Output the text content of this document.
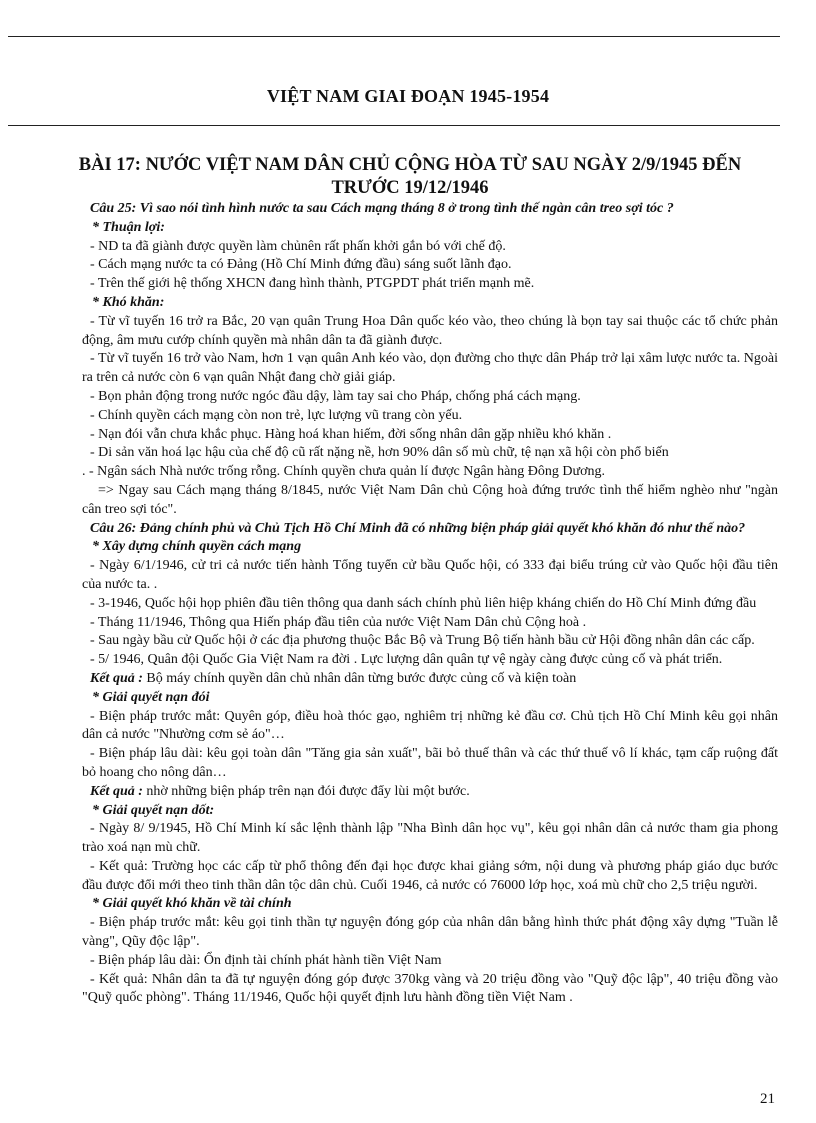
VIỆT NAM GIAI ĐOẠN 1945-1954
BÀI 17: NƯỚC VIỆT NAM DÂN CHỦ CỘNG HÒA TỪ SAU NGÀY 2/9/1945 ĐẾN TRƯỚC 19/12/1946

Câu 25: Vì sao nói tình hình nước ta sau Cách mạng tháng 8 ở trong tình thế ngàn cân treo sợi tóc ?

* Thuận lợi:

- ND ta đã giành được quyền làm chủnên rất phấn khởi gắn bó với chế độ.

- Cách mạng nước ta có Đảng (Hồ Chí Minh đứng đầu) sáng suốt lãnh đạo.

- Trên thế giới hệ thống XHCN đang hình thành, PTGPDT phát triển mạnh mẽ.

* Khó khăn:

- Từ vĩ tuyến 16 trở ra Bắc, 20 vạn quân Trung Hoa Dân quốc kéo vào, theo chúng là bọn tay sai thuộc các tổ chức phản động, âm mưu cướp chính quyền mà nhân dân ta đã giành được.

- Từ vĩ tuyến 16 trở vào Nam, hơn 1 vạn quân Anh kéo vào, dọn đường cho thực dân Pháp trở lại xâm lược nước ta. Ngoài ra trên cả nước còn 6 vạn quân Nhật đang chờ giải giáp.

- Bọn phản động trong nước ngóc đầu dậy, làm tay sai cho Pháp, chống phá cách mạng.

- Chính quyền cách mạng còn non trẻ, lực lượng vũ trang còn yếu.

- Nạn đói vẫn chưa khắc phục. Hàng hoá khan hiếm, đời sống nhân dân gặp nhiều khó khăn .

- Di sản văn hoá lạc hậu của chế độ cũ rất nặng nề, hơn 90% dân số mù chữ, tệ nạn xã hội còn phổ biến

. - Ngân sách Nhà nước trống rỗng. Chính quyền chưa quản lí được Ngân hàng Đông Dương.

=> Ngay sau Cách mạng tháng 8/1845, nước Việt Nam Dân chủ Cộng hoà đứng trước tình thế hiểm nghèo như "ngàn cân treo sợi tóc".

Câu 26: Đảng chính phủ và Chủ Tịch Hồ Chí Minh đã có những biện pháp giải quyết khó khăn đó như thế nào?

* Xây dựng chính quyền cách mạng

- Ngày 6/1/1946, cử tri cả nước tiến hành Tổng tuyển cử bầu Quốc hội, có 333 đại biểu trúng cử vào Quốc hội đầu tiên của nước ta. .

- 3-1946, Quốc hội họp phiên đầu tiên thông qua danh sách chính phủ liên hiệp kháng chiến do Hồ Chí Minh đứng đầu

- Tháng 11/1946, Thông qua Hiến pháp đầu tiên của nước Việt Nam Dân chủ Cộng hoà .

- Sau ngày bầu cử Quốc hội ở các địa phương thuộc Bắc Bộ và Trung Bộ tiến hành bầu cử Hội đồng nhân dân các cấp.

- 5/ 1946, Quân đội Quốc Gia Việt Nam ra đời . Lực lượng dân quân tự vệ ngày càng được củng cố và phát triển.

Kết quả : Bộ máy chính quyền dân chủ nhân dân từng bước được củng cố và kiện toàn

* Giải quyết nạn đói

- Biện pháp trước mắt: Quyên góp, điều hoà thóc gạo, nghiêm trị những kẻ đầu cơ. Chủ tịch Hồ Chí Minh kêu gọi nhân dân cả nước "Nhường cơm sẻ áo"…

- Biện pháp lâu dài: kêu gọi toàn dân "Tăng gia sản xuất", bãi bỏ thuế thân và các thứ thuế vô lí khác, tạm cấp ruộng đất bỏ hoang cho nông dân…

Kết quả : nhờ những biện pháp trên nạn đói được đẩy lùi một bước.

* Giải quyết nạn dốt:

- Ngày 8/ 9/1945, Hồ Chí Minh kí sắc lệnh thành lập "Nha Bình dân học vụ", kêu gọi nhân dân cả nước tham gia phong trào xoá nạn mù chữ.

- Kết quả: Trường học các cấp từ phổ thông đến đại học được khai giảng sớm, nội dung và phương pháp giáo dục bước đầu được đổi mới theo tinh thần dân tộc dân chủ. Cuối 1946, cả nước có 76000 lớp học, xoá mù chữ cho 2,5 triệu người.

* Giải quyết khó khăn về tài chính

- Biện pháp trước mắt: kêu gọi tinh thần tự nguyện đóng góp của nhân dân bằng hình thức phát động xây dựng "Tuần lễ vàng", Qũy độc lập".

- Biện pháp lâu dài: Ổn định tài chính phát hành tiền Việt Nam

- Kết quả: Nhân dân ta đã tự nguyện đóng góp được 370kg vàng và 20 triệu đồng vào "Quỹ độc lập", 40 triệu đồng vào "Quỹ quốc phòng". Tháng 11/1946, Quốc hội quyết định lưu hành đồng tiền Việt Nam .

21
